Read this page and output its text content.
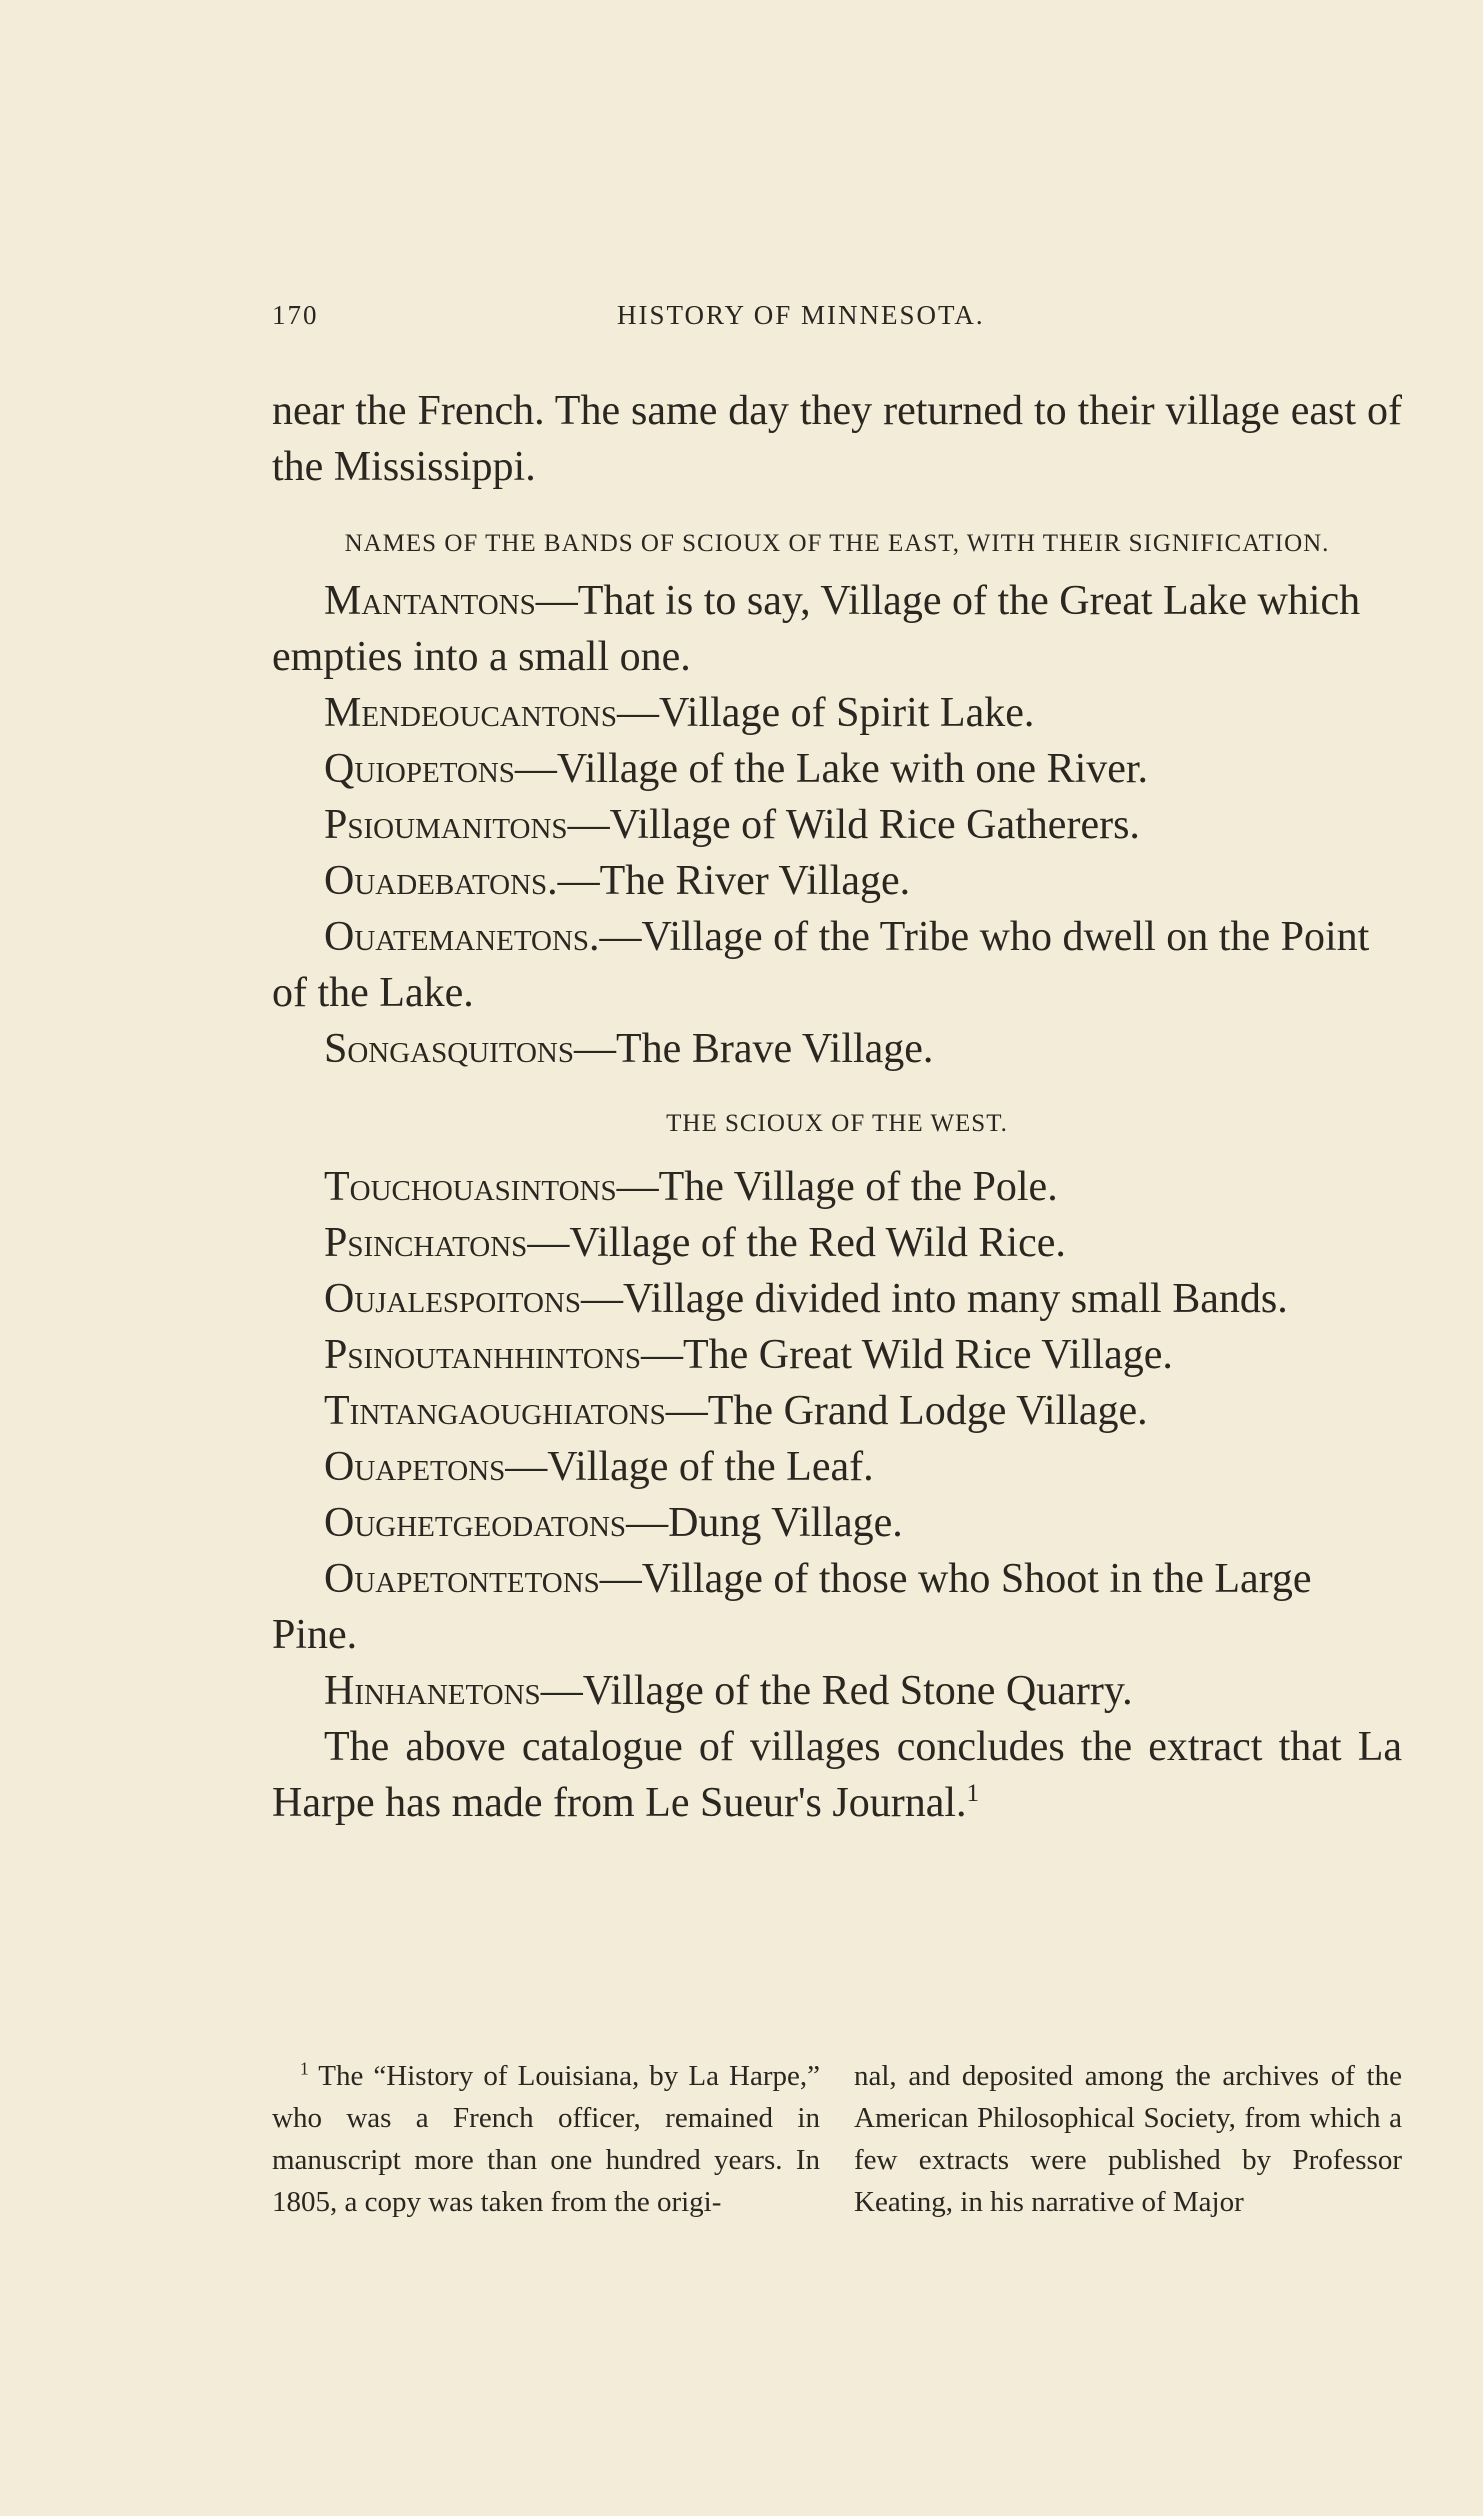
170	HISTORY OF MINNESOTA.

near the French. The same day they returned to their village east of the Mississippi.

NAMES OF THE BANDS OF SCIOUX OF THE EAST, WITH THEIR SIGNIFICATION.

Mantantons—That is to say, Village of the Great Lake which empties into a small one.

Mendeoucantons—Village of Spirit Lake.

Quiopetons—Village of the Lake with one River.

Psioumanitons—Village of Wild Rice Gatherers.

Ouadebatons.—The River Village.

Ouatemanetons.—Village of the Tribe who dwell on the Point of the Lake.

Songasquitons—The Brave Village.

THE SCIOUX OF THE WEST.

Touchouasintons—The Village of the Pole.

Psinchatons—Village of the Red Wild Rice.

Oujalespoitons—Village divided into many small Bands.

Psinoutanhhintons—The Great Wild Rice Village.

Tintangaoughiatons—The Grand Lodge Village.

Ouapetons—Village of the Leaf.

Oughetgeodatons—Dung Village.

Ouapetontetons—Village of those who Shoot in the Large Pine.

Hinhanetons—Village of the Red Stone Quarry.

The above catalogue of villages concludes the extract that La Harpe has made from Le Sueur's Journal.$^1$

$^1$ The “History of Louisiana, by La Harpe,” who was a French officer, remained in manuscript more than one hundred years. In 1805, a copy was taken from the origi-

nal, and deposited among the archives of the American Philosophical Society, from which a few extracts were published by Professor Keating, in his narrative of Major
